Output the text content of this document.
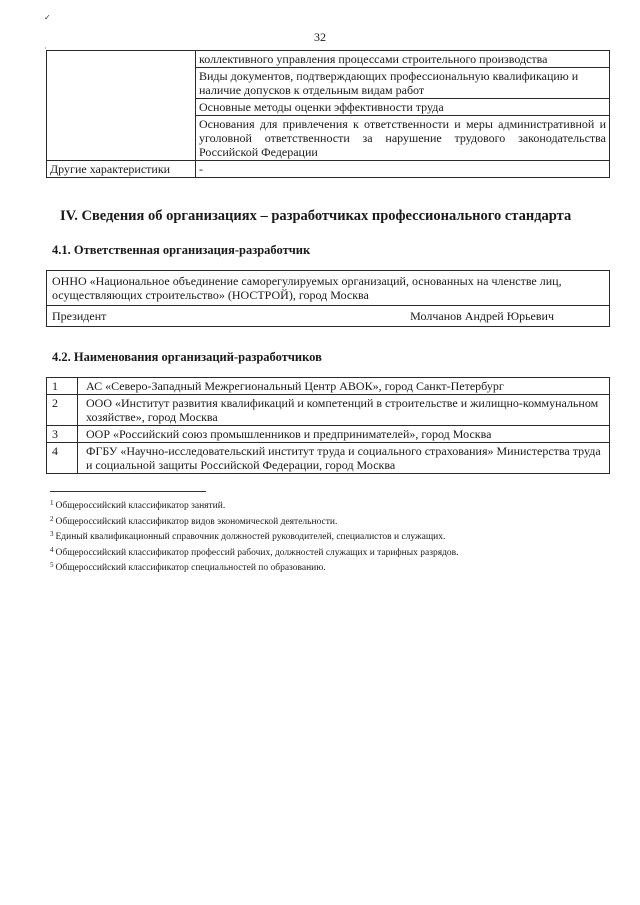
✓
·
32
	коллективного управления процессами строительного производства
	Виды документов, подтверждающих профессиональную квалификацию и наличие допусков к отдельным видам работ
	Основные методы оценки эффективности труда
	Основания для привлечения к ответственности и меры административной и уголовной ответственности за нарушение трудового законодательства Российской Федерации
Другие характеристики	-
IV. Сведения об организациях – разработчиках профессионального стандарта
4.1. Ответственная организация-разработчик
ОННО «Национальное объединение саморегулируемых организаций, основанных на членстве лиц, осуществляющих строительство» (НОСТРОЙ), город Москва

Президент	Молчанов Андрей Юрьевич
4.2. Наименования организаций-разработчиков
1	АС «Северо-Западный Межрегиональный Центр АВОК», город Санкт-Петербург
2	ООО «Институт развития квалификаций и компетенций в строительстве и жилищно-коммунальном хозяйстве», город Москва
3	ООР «Российский союз промышленников и предпринимателей», город Москва
4	ФГБУ «Научно-исследовательский институт труда и социального страхования» Министерства труда и социальной защиты Российской Федерации, город Москва
$^1$ Общероссийский классификатор занятий.
$^2$ Общероссийский классификатор видов экономической деятельности.
$^3$ Единый квалификационный справочник должностей руководителей, специалистов и служащих.
$^4$ Общероссийский классификатор профессий рабочих, должностей служащих и тарифных разрядов.
$^5$ Общероссийский классификатор специальностей по образованию.
